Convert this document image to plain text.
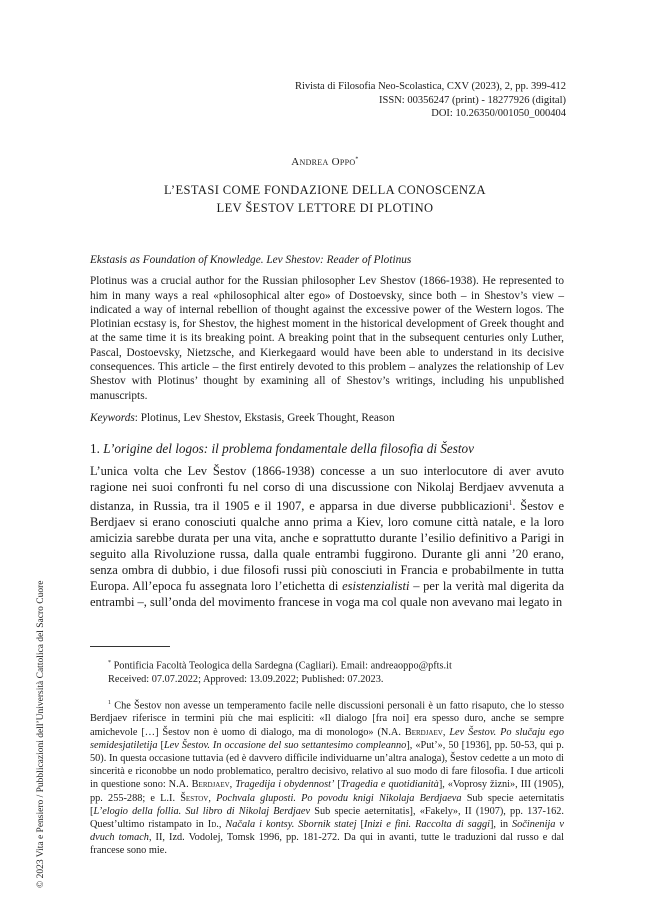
Rivista di Filosofia Neo-Scolastica, CXV (2023), 2, pp. 399-412
ISSN: 00356247 (print) - 18277926 (digital)
DOI: 10.26350/001050_000404
Andrea Oppo*
L’ESTASI COME FONDAZIONE DELLA CONOSCENZA
LEV ŠESTOV LETTORE DI PLOTINO

Ekstasis as Foundation of Knowledge. Lev Shestov: Reader of Plotinus

Plotinus was a crucial author for the Russian philosopher Lev Shestov (1866-1938). He represented to him in many ways a real «philosophical alter ego» of Dostoevsky, since both – in Shestov’s view – indicated a way of internal rebellion of thought against the excessive power of the Western logos. The Plotinian ecstasy is, for Shestov, the highest moment in the historical development of Greek thought and at the same time it is its breaking point. A breaking point that in the subsequent centuries only Luther, Pascal, Dostoevsky, Nietzsche, and Kierkegaard would have been able to understand in its decisive consequences. This article – the first entirely devoted to this problem – analyzes the relationship of Lev Shestov with Plotinus’ thought by examining all of Shestov’s writings, including his unpublished manuscripts.

Keywords: Plotinus, Lev Shestov, Ekstasis, Greek Thought, Reason

1. L’origine del logos: il problema fondamentale della filosofia di Šestov

L’unica volta che Lev Šestov (1866-1938) concesse a un suo interlocutore di aver avuto ragione nei suoi confronti fu nel corso di una discussione con Nikolaj Berdjaev avvenuta a distanza, in Russia, tra il 1905 e il 1907, e apparsa in due diverse pubblicazioni$^1$. Šestov e Berdjaev si erano conosciuti qualche anno prima a Kiev, loro comune città natale, e la loro amicizia sarebbe durata per una vita, anche e soprattutto durante l’esilio definitivo a Parigi in seguito alla Rivoluzione russa, dalla quale entrambi fuggirono. Durante gli anni ’20 erano, senza ombra di dubbio, i due filosofi russi più conosciuti in Francia e probabilmente in tutta Europa. All’epoca fu assegnata loro l’etichetta di esistenzialisti – per la verità mal digerita da entrambi –, sull’onda del movimento francese in voga ma col quale non avevano mai legato in

* Pontificia Facoltà Teologica della Sardegna (Cagliari). Email: andreaoppo@pfts.it

Received: 07.07.2022; Approved: 13.09.2022; Published: 07.2023.

$^1$ Che Šestov non avesse un temperamento facile nelle discussioni personali è un fatto risaputo, che lo stesso Berdjaev riferisce in termini più che mai espliciti: «Il dialogo [fra noi] era spesso duro, anche se sempre amichevole […] Šestov non è uomo di dialogo, ma di monologo» (N.A. Berdjaev, Lev Šestov. Po slučaju ego semidesjatiletija [Lev Šestov. In occasione del suo settantesimo compleanno], «Put’», 50 [1936], pp. 50-53, qui p. 50). In questa occasione tuttavia (ed è davvero difficile individuarne un’altra analoga), Šestov cedette a un moto di sincerità e riconobbe un nodo problematico, peraltro decisivo, relativo al suo modo di fare filosofia. I due articoli in questione sono: N.A. Berdjaev, Tragedija i obydennost’ [Tragedia e quotidianità], «Voprosy žizni», III (1905), pp. 255-288; e L.I. Šestov, Pochvala gluposti. Po povodu knigi Nikolaja Berdjaeva Sub specie aeternitatis [L’elogio della follia. Sul libro di Nikolaj Berdjaev Sub specie aeternitatis], «Fakely», II (1907), pp. 137-162. Quest’ultimo ristampato in Id., Načala i kontsy. Sbornik statej [Inizi e fini. Raccolta di saggi], in Sočinenija v dvuch tomach, II, Izd. Vodolej, Tomsk 1996, pp. 181-272. Da qui in avanti, tutte le traduzioni dal russo e dal francese sono mie.

© 2023 Vita e Pensiero / Pubblicazioni dell’Università Cattolica del Sacro Cuore
